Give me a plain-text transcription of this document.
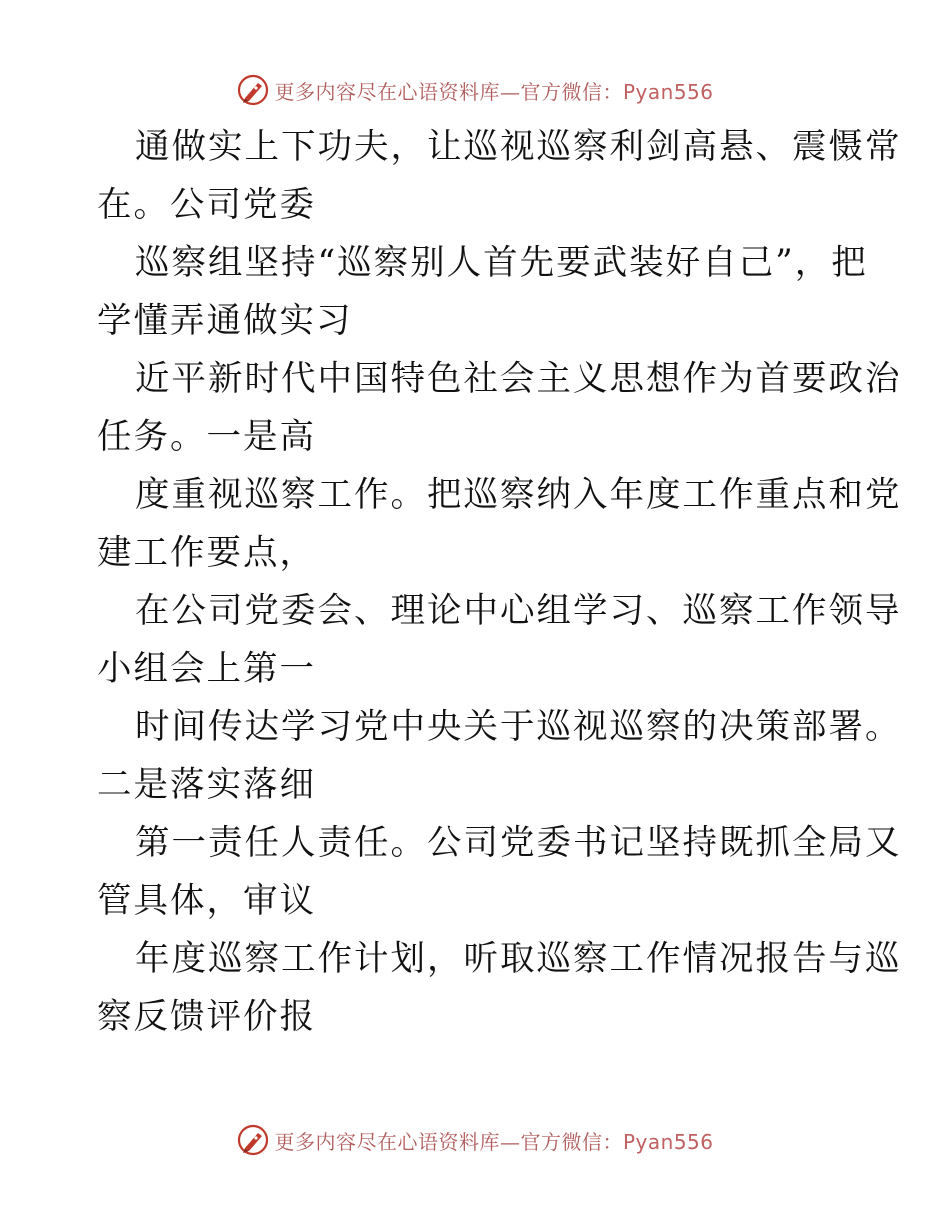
更多内容尽在心语资料库—官方微信：Pyan556

通做实上下功夫，让巡视巡察利剑高悬、震慑常
在。公司党委

巡察组坚持“巡察别人首先要武装好自己”，把
学懂弄通做实习

近平新时代中国特色社会主义思想作为首要政治
任务。一是高

度重视巡察工作。把巡察纳入年度工作重点和党
建工作要点，

在公司党委会、理论中心组学习、巡察工作领导
小组会上第一

时间传达学习党中央关于巡视巡察的决策部署。
二是落实落细

第一责任人责任。公司党委书记坚持既抓全局又
管具体，审议

年度巡察工作计划，听取巡察工作情况报告与巡
察反馈评价报

更多内容尽在心语资料库—官方微信：Pyan556
